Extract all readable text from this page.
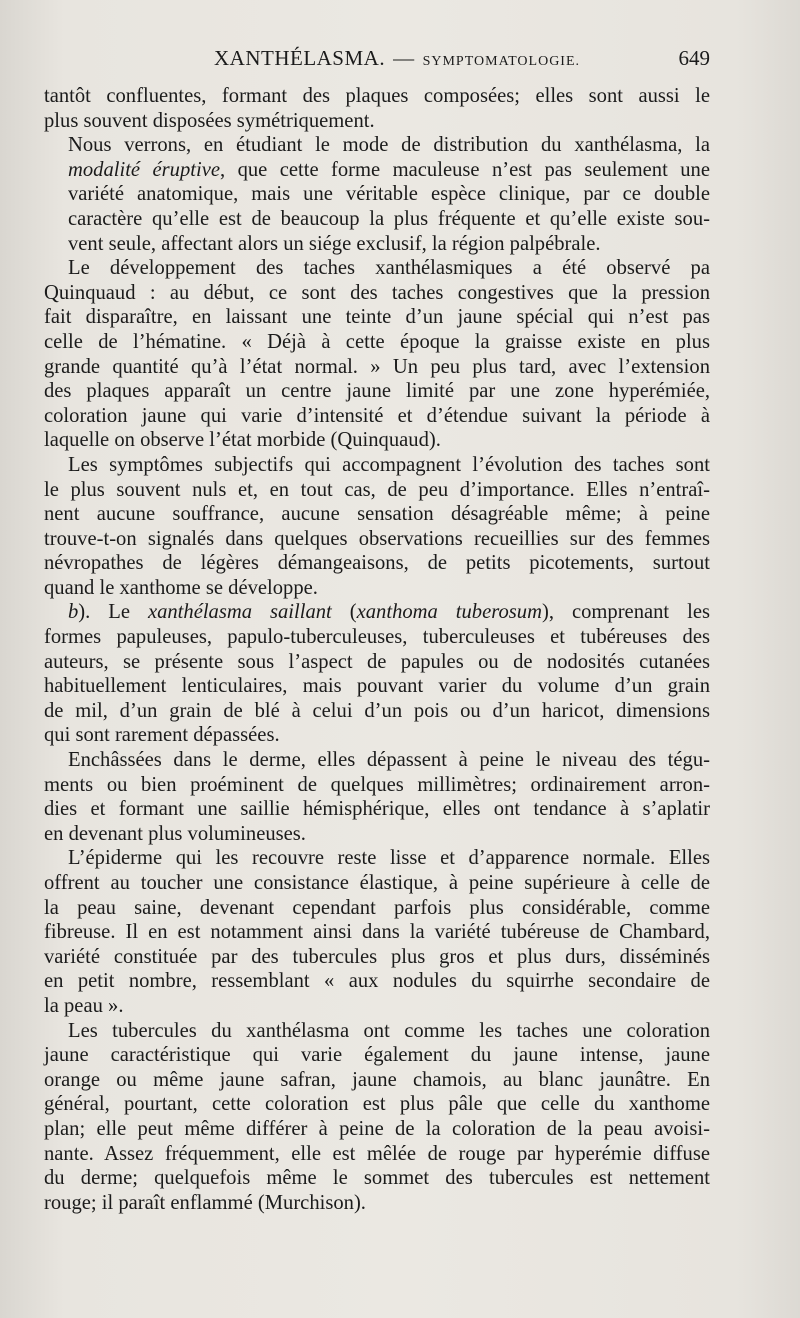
XANTHÉLASMA. — SYMPTOMATOLOGIE.	649

tantôt confluentes, formant des plaques composées; elles sont aussi le
plus souvent disposées symétriquement.

Nous verrons, en étudiant le mode de distribution du xanthélasma, la
modalité éruptive, que cette forme maculeuse n’est pas seulement une
variété anatomique, mais une véritable espèce clinique, par ce double
caractère qu’elle est de beaucoup la plus fréquente et qu’elle existe sou-
vent seule, affectant alors un siége exclusif, la région palpébrale.

Le développement des taches xanthélasmiques a été observé pa
Quinquaud : au début, ce sont des taches congestives que la pression
fait disparaître, en laissant une teinte d’un jaune spécial qui n’est pas
celle de l’hématine. « Déjà à cette époque la graisse existe en plus
grande quantité qu’à l’état normal. » Un peu plus tard, avec l’extension
des plaques apparaît un centre jaune limité par une zone hyperémiée,
coloration jaune qui varie d’intensité et d’étendue suivant la période à
laquelle on observe l’état morbide (Quinquaud).

Les symptômes subjectifs qui accompagnent l’évolution des taches sont
le plus souvent nuls et, en tout cas, de peu d’importance. Elles n’entraî-
nent aucune souffrance, aucune sensation désagréable même; à peine
trouve-t-on signalés dans quelques observations recueillies sur des femmes
névropathes de légères démangeaisons, de petits picotements, surtout
quand le xanthome se développe.

b). Le xanthélasma saillant (xanthoma tuberosum), comprenant les
formes papuleuses, papulo-tuberculeuses, tuberculeuses et tubéreuses des
auteurs, se présente sous l’aspect de papules ou de nodosités cutanées
habituellement lenticulaires, mais pouvant varier du volume d’un grain
de mil, d’un grain de blé à celui d’un pois ou d’un haricot, dimensions
qui sont rarement dépassées.

Enchâssées dans le derme, elles dépassent à peine le niveau des tégu-
ments ou bien proéminent de quelques millimètres; ordinairement arron-
dies et formant une saillie hémisphérique, elles ont tendance à s’aplatir
en devenant plus volumineuses.

L’épiderme qui les recouvre reste lisse et d’apparence normale. Elles
offrent au toucher une consistance élastique, à peine supérieure à celle de
la peau saine, devenant cependant parfois plus considérable, comme
fibreuse. Il en est notamment ainsi dans la variété tubéreuse de Chambard,
variété constituée par des tubercules plus gros et plus durs, disséminés
en petit nombre, ressemblant « aux nodules du squirrhe secondaire de
la peau ».

Les tubercules du xanthélasma ont comme les taches une coloration
jaune caractéristique qui varie également du jaune intense, jaune
orange ou même jaune safran, jaune chamois, au blanc jaunâtre. En
général, pourtant, cette coloration est plus pâle que celle du xanthome
plan; elle peut même différer à peine de la coloration de la peau avoisi-
nante. Assez fréquemment, elle est mêlée de rouge par hyperémie diffuse
du derme; quelquefois même le sommet des tubercules est nettement
rouge; il paraît enflammé (Murchison).
